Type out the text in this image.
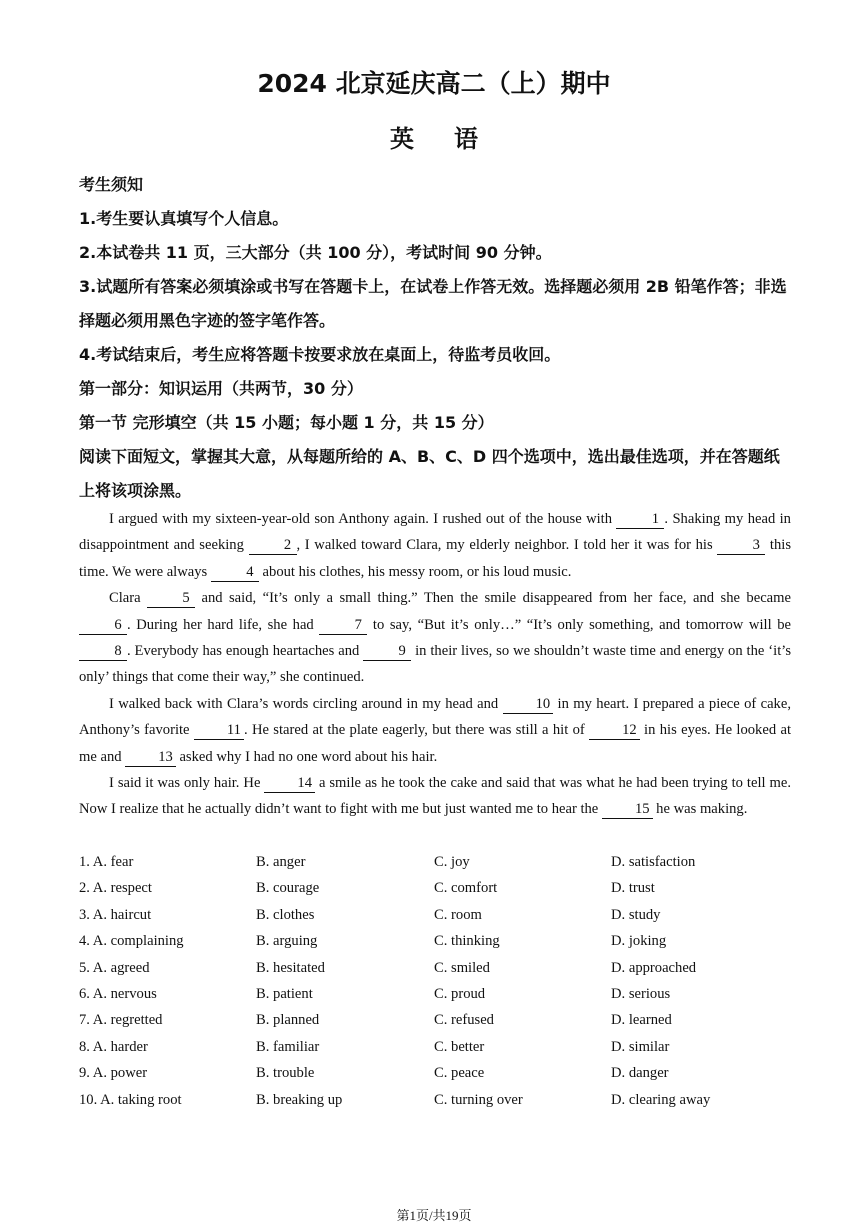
2024 北京延庆高二（上）期中
英语

考生须知

1.考生要认真填写个人信息。

2.本试卷共 11 页，三大部分（共 100 分），考试时间 90 分钟。

3.试题所有答案必须填涂或书写在答题卡上，在试卷上作答无效。选择题必须用 2B 铅笔作答；非选择题必须用黑色字迹的签字笔作答。

4.考试结束后，考生应将答题卡按要求放在桌面上，待监考员收回。

第一部分：知识运用（共两节，30 分）

第一节 完形填空（共 15 小题；每小题 1 分，共 15 分）

阅读下面短文，掌握其大意，从每题所给的 A、B、C、D 四个选项中，选出最佳选项，并在答题纸上将该项涂黑。

I argued with my sixteen-year-old son Anthony again. I rushed out of the house with 1 . Shaking my head in disappointment and seeking 2 , I walked toward Clara, my elderly neighbor. I told her it was for his 3 this time. We were always 4 about his clothes, his messy room, or his loud music.

Clara 5 and said, “It’s only a small thing.” Then the smile disappeared from her face, and she became 6 . During her hard life, she had 7 to say, “But it’s only…” “It’s only something, and tomorrow will be 8 . Everybody has enough heartaches and 9 in their lives, so we shouldn’t waste time and energy on the ‘it’s only’ things that come their way,” she continued.

I walked back with Clara’s words circling around in my head and 10 in my heart. I prepared a piece of cake, Anthony’s favorite 11 . He stared at the plate eagerly, but there was still a hit of 12 in his eyes. He looked at me and 13 asked why I had no one word about his hair.

I said it was only hair. He 14 a smile as he took the cake and said that was what he had been trying to tell me. Now I realize that he actually didn’t want to fight with me but just wanted me to hear the 15 he was making.

1. A. fear	B. anger	C. joy	D. satisfaction
2. A. respect	B. courage	C. comfort	D. trust
3. A. haircut	B. clothes	C. room	D. study
4. A. complaining	B. arguing	C. thinking	D. joking
5. A. agreed	B. hesitated	C. smiled	D. approached
6. A. nervous	B. patient	C. proud	D. serious
7. A. regretted	B. planned	C. refused	D. learned
8. A. harder	B. familiar	C. better	D. similar
9. A. power	B. trouble	C. peace	D. danger
10. A. taking root	B. breaking up	C. turning over	D. clearing away
第1页/共19页
